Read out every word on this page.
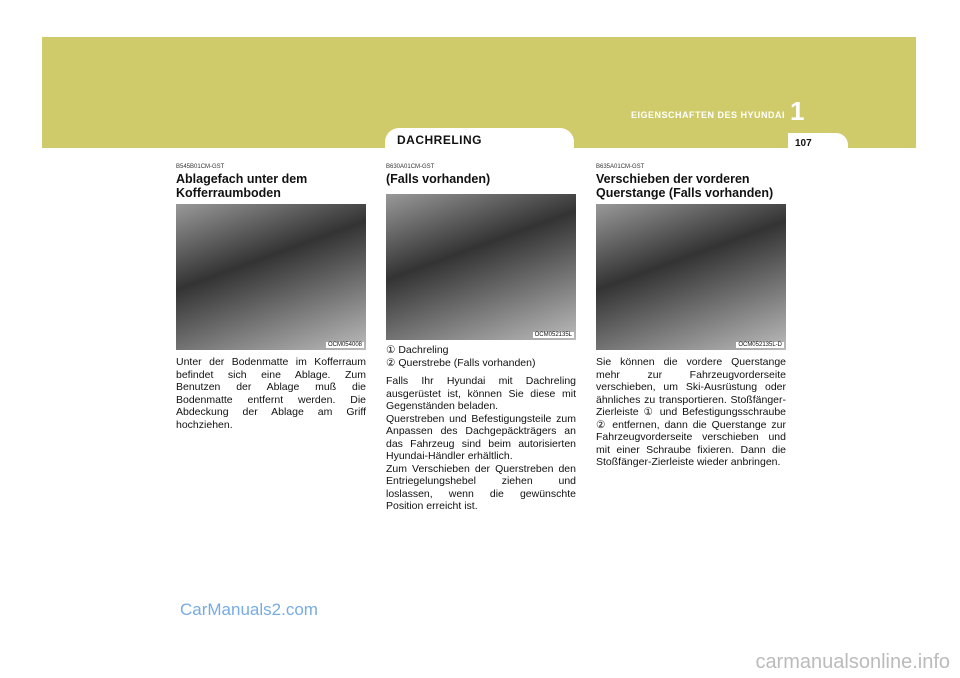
EIGENSCHAFTEN DES HYUNDAI 1
107
DACHRELING
B545B01CM-GST
Ablagefach unter dem Kofferraumboden
OCM054008

Unter der Bodenmatte im Kofferraum befindet sich eine Ablage. Zum Benutzen der Ablage muß die Bodenmatte entfernt werden. Die Abdeckung der Ablage am Griff hochziehen.

B630A01CM-GST
(Falls vorhanden)
OCM052135L
① Dachreling
② Querstrebe (Falls vorhanden)

Falls Ihr Hyundai mit Dachreling ausgerüstet ist, können Sie diese mit Gegenständen beladen.

Querstreben und Befestigungsteile zum Anpassen des Dachgepäckträgers an das Fahrzeug sind beim autorisierten Hyundai-Händler erhältlich.

Zum Verschieben der Querstreben den Entriegelungshebel ziehen und loslassen, wenn die gewünschte Position erreicht ist.

B635A01CM-GST
Verschieben der vorderen Querstange (Falls vorhanden)
OCM052135L-D

Sie können die vordere Querstange mehr zur Fahrzeugvorderseite verschieben, um Ski-Ausrüstung oder ähnliches zu transportieren. Stoßfänger-Zierleiste ① und Befestigungsschraube ② entfernen, dann die Querstange zur Fahrzeugvorderseite verschieben und mit einer Schraube fixieren. Dann die Stoßfänger-Zierleiste wieder anbringen.

CarManuals2.com
carmanualsonline.info
